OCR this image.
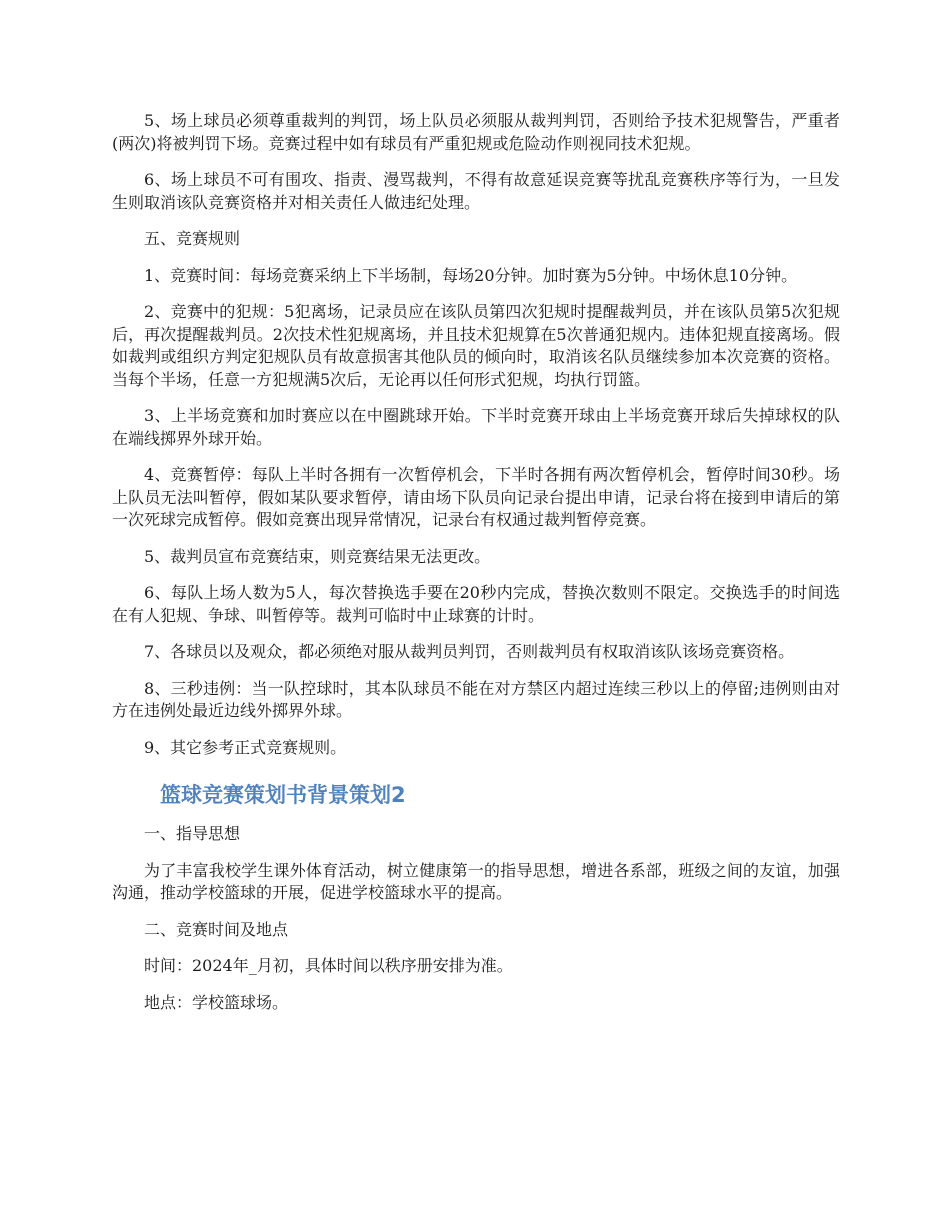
5、场上球员必须尊重裁判的判罚，场上队员必须服从裁判判罚，否则给予技术犯规警告，严重者(两次)将被判罚下场。竞赛过程中如有球员有严重犯规或危险动作则视同技术犯规。

6、场上球员不可有围攻、指责、漫骂裁判，不得有故意延误竞赛等扰乱竞赛秩序等行为，一旦发生则取消该队竞赛资格并对相关责任人做违纪处理。

五、竞赛规则

1、竞赛时间：每场竞赛采纳上下半场制，每场20分钟。加时赛为5分钟。中场休息10分钟。

2、竞赛中的犯规：5犯离场，记录员应在该队员第四次犯规时提醒裁判员，并在该队员第5次犯规后，再次提醒裁判员。2次技术性犯规离场，并且技术犯规算在5次普通犯规内。违体犯规直接离场。假如裁判或组织方判定犯规队员有故意损害其他队员的倾向时，取消该名队员继续参加本次竞赛的资格。当每个半场，任意一方犯规满5次后，无论再以任何形式犯规，均执行罚篮。

3、上半场竞赛和加时赛应以在中圈跳球开始。下半时竞赛开球由上半场竞赛开球后失掉球权的队在端线掷界外球开始。

4、竞赛暂停：每队上半时各拥有一次暂停机会，下半时各拥有两次暂停机会，暂停时间30秒。场上队员无法叫暂停，假如某队要求暂停，请由场下队员向记录台提出申请，记录台将在接到申请后的第一次死球完成暂停。假如竞赛出现异常情况，记录台有权通过裁判暂停竞赛。

5、裁判员宣布竞赛结束，则竞赛结果无法更改。

6、每队上场人数为5人，每次替换选手要在20秒内完成，替换次数则不限定。交换选手的时间选在有人犯规、争球、叫暂停等。裁判可临时中止球赛的计时。

7、各球员以及观众，都必须绝对服从裁判员判罚，否则裁判员有权取消该队该场竞赛资格。

8、三秒违例：当一队控球时，其本队球员不能在对方禁区内超过连续三秒以上的停留;违例则由对方在违例处最近边线外掷界外球。

9、其它参考正式竞赛规则。

篮球竞赛策划书背景策划2

一、指导思想

为了丰富我校学生课外体育活动，树立健康第一的指导思想，增进各系部，班级之间的友谊，加强沟通，推动学校篮球的开展，促进学校篮球水平的提高。

二、竞赛时间及地点

时间：2024年_月初，具体时间以秩序册安排为准。

地点：学校篮球场。
